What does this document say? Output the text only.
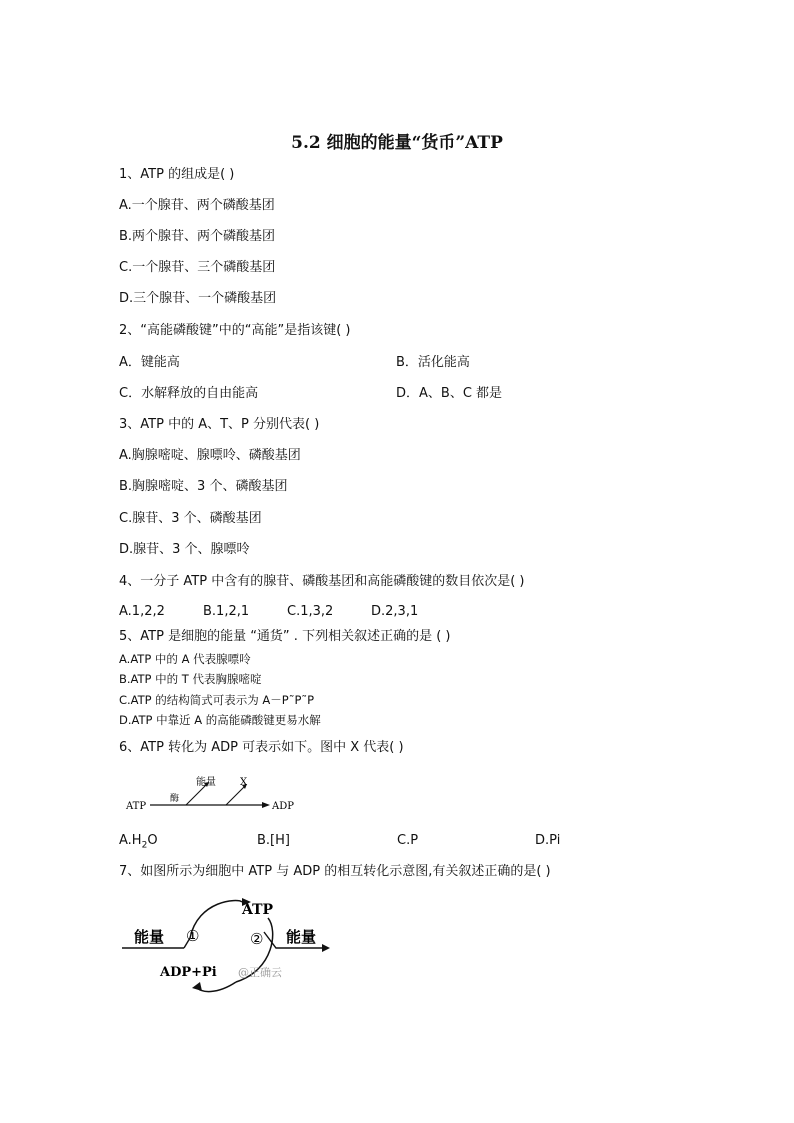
5.2 细胞的能量“货币”ATP
1、ATP 的组成是( )
A.一个腺苷、两个磷酸基团
B.两个腺苷、两个磷酸基团
C.一个腺苷、三个磷酸基团
D.三个腺苷、一个磷酸基团
2、“高能磷酸键”中的“高能”是指该键( )
A．键能高	B．活化能高
C．水解释放的自由能高	D．A、B、C 都是
3、ATP 中的 A、T、P 分别代表( )
A.胸腺嘧啶、腺嘌呤、磷酸基团
B.胸腺嘧啶、3 个、磷酸基团
C.腺苷、3 个、磷酸基团
D.腺苷、3 个、腺嘌呤
4、一分子 ATP 中含有的腺苷、磷酸基团和高能磷酸键的数目依次是( )
A.1,2,2	B.1,2,1	C.1,3,2	D.2,3,1
5、ATP 是细胞的能量 “通货” . 下列相关叙述正确的是 ( )
A.ATP 中的 A 代表腺嘌呤
B.ATP 中的 T 代表胸腺嘧啶
C.ATP 的结构简式可表示为 A－P˜P˜P
D.ATP 中靠近 A 的高能磷酸键更易水解
6、ATP 转化为 ADP 可表示如下。图中 X 代表( )
ATP
酶
能量 X
ADP
$A.H_2O$	B.[H]	C.P	D.Pi
7、如图所示为细胞中 ATP 与 ADP 的相互转化示意图,有关叙述正确的是( )
能量 ①
ATP
② 能量
ADP+Pi @正确云
